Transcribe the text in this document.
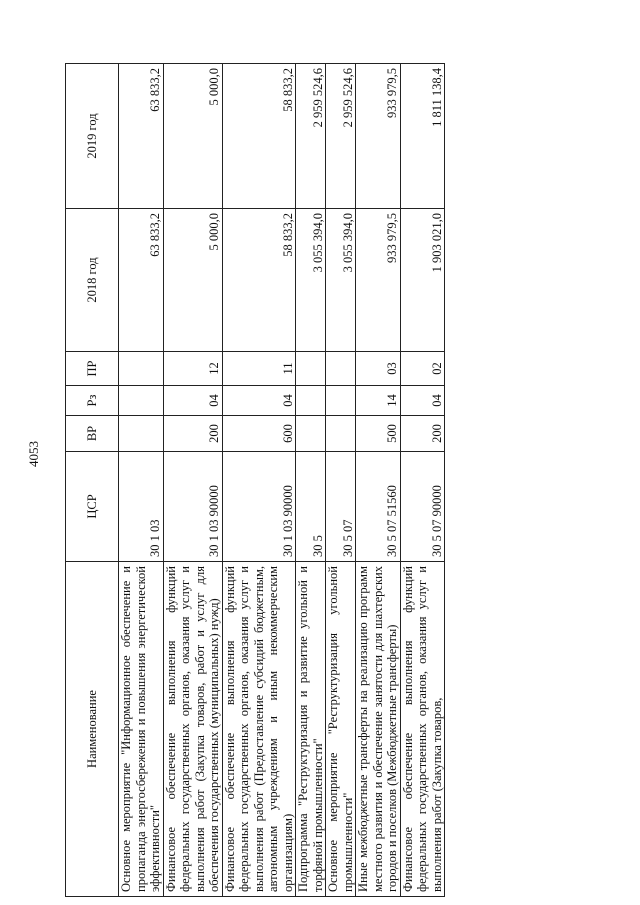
4053
Наименование	ЦСР	ВР	Рз	ПР	2018 год	2019 год
Основное мероприятие "Информационное обеспечение и пропаганда энергосбережения и повышения энергетической эффективности"	30 1 03				63 833,2	63 833,2
Финансовое обеспечение выполнения функций федеральных государственных органов, оказания услуг и выполнения работ (Закупка товаров, работ и услуг для обеспечения государственных (муниципальных) нужд)	30 1 03 90000	200	04	12	5 000,0	5 000,0
Финансовое обеспечение выполнения функций федеральных государственных органов, оказания услуг и выполнения работ (Предоставление субсидий бюджетным, автономным учреждениям и иным некоммерческим организациям)	30 1 03 90000	600	04	11	58 833,2	58 833,2
Подпрограмма "Реструктуризация и развитие угольной и торфяной промышленности"	30 5				3 055 394,0	2 959 524,6
Основное мероприятие "Реструктуризация угольной промышленности"	30 5 07				3 055 394,0	2 959 524,6
Иные межбюджетные трансферты на реализацию программ местного развития и обеспечение занятости для шахтерских городов и поселков (Межбюджетные трансферты)	30 5 07 51560	500	14	03	933 979,5	933 979,5
Финансовое обеспечение выполнения функций федеральных государственных органов, оказания услуг и выполнения работ (Закупка товаров,	30 5 07 90000	200	04	02	1 903 021,0	1 811 138,4
